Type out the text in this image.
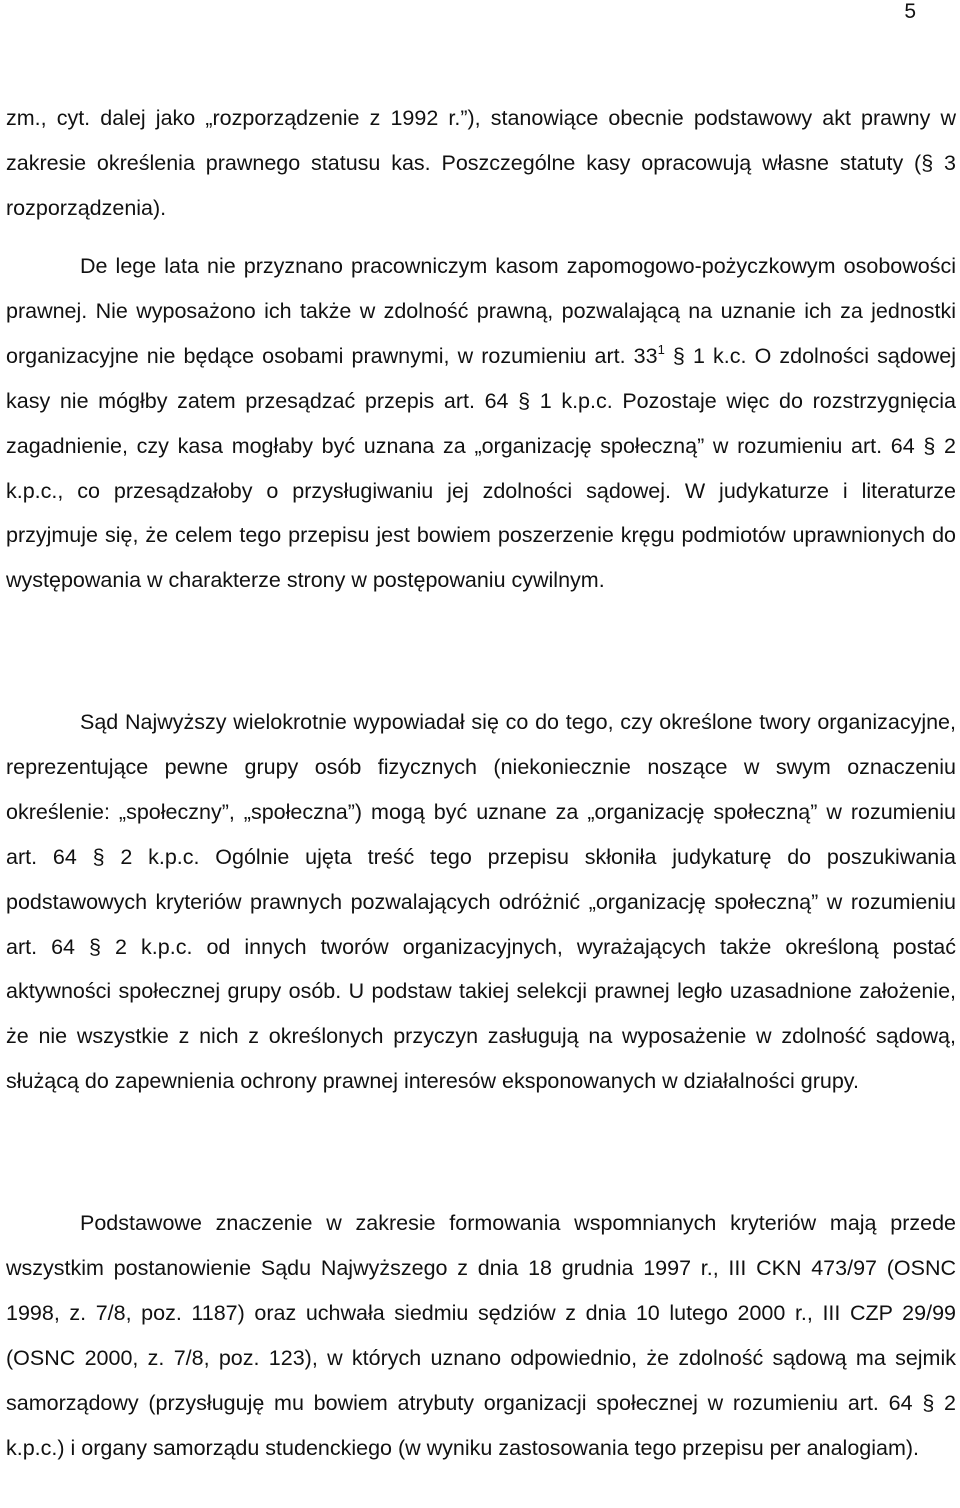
5

zm., cyt. dalej jako „rozporządzenie z 1992 r.”), stanowiące obecnie podstawowy akt prawny w zakresie określenia prawnego statusu kas. Poszczególne kasy opracowują własne statuty (§ 3 rozporządzenia).

De lege lata nie przyznano pracowniczym kasom zapomogowo-pożyczkowym osobowości prawnej. Nie wyposażono ich także w zdolność prawną, pozwalającą na uznanie ich za jednostki organizacyjne nie będące osobami prawnymi, w rozumieniu art. $33^1$ § 1 k.c. O zdolności sądowej kasy nie mógłby zatem przesądzać przepis art. 64 § 1 k.p.c. Pozostaje więc do rozstrzygnięcia zagadnienie, czy kasa mogłaby być uznana za „organizację społeczną” w rozumieniu art. 64 § 2 k.p.c., co przesądzałoby o przysługiwaniu jej zdolności sądowej. W judykaturze i literaturze przyjmuje się, że celem tego przepisu jest bowiem poszerzenie kręgu podmiotów uprawnionych do występowania w charakterze strony w postępowaniu cywilnym.

Sąd Najwyższy wielokrotnie wypowiadał się co do tego, czy określone twory organizacyjne, reprezentujące pewne grupy osób fizycznych (niekoniecznie noszące w swym oznaczeniu określenie: „społeczny”, „społeczna”) mogą być uznane za „organizację społeczną” w rozumieniu art. 64 § 2 k.p.c. Ogólnie ujęta treść tego przepisu skłoniła judykaturę do poszukiwania podstawowych kryteriów prawnych pozwalających odróżnić „organizację społeczną” w rozumieniu art. 64 § 2 k.p.c. od innych tworów organizacyjnych, wyrażających także określoną postać aktywności społecznej grupy osób. U podstaw takiej selekcji prawnej legło uzasadnione założenie, że nie wszystkie z nich z określonych przyczyn zasługują na wyposażenie w zdolność sądową, służącą do zapewnienia ochrony prawnej interesów eksponowanych w działalności grupy.

Podstawowe znaczenie w zakresie formowania wspomnianych kryteriów mają przede wszystkim postanowienie Sądu Najwyższego z dnia 18 grudnia 1997 r., III CKN 473/97 (OSNC 1998, z. 7/8, poz. 1187) oraz uchwała siedmiu sędziów z dnia 10 lutego 2000 r., III CZP 29/99 (OSNC 2000, z. 7/8, poz. 123), w których uznano odpowiednio, że zdolność sądową ma sejmik samorządowy (przysługuję mu bowiem atrybuty organizacji społecznej w rozumieniu art. 64 § 2 k.p.c.) i organy samorządu studenckiego (w wyniku zastosowania tego przepisu per analogiam).
